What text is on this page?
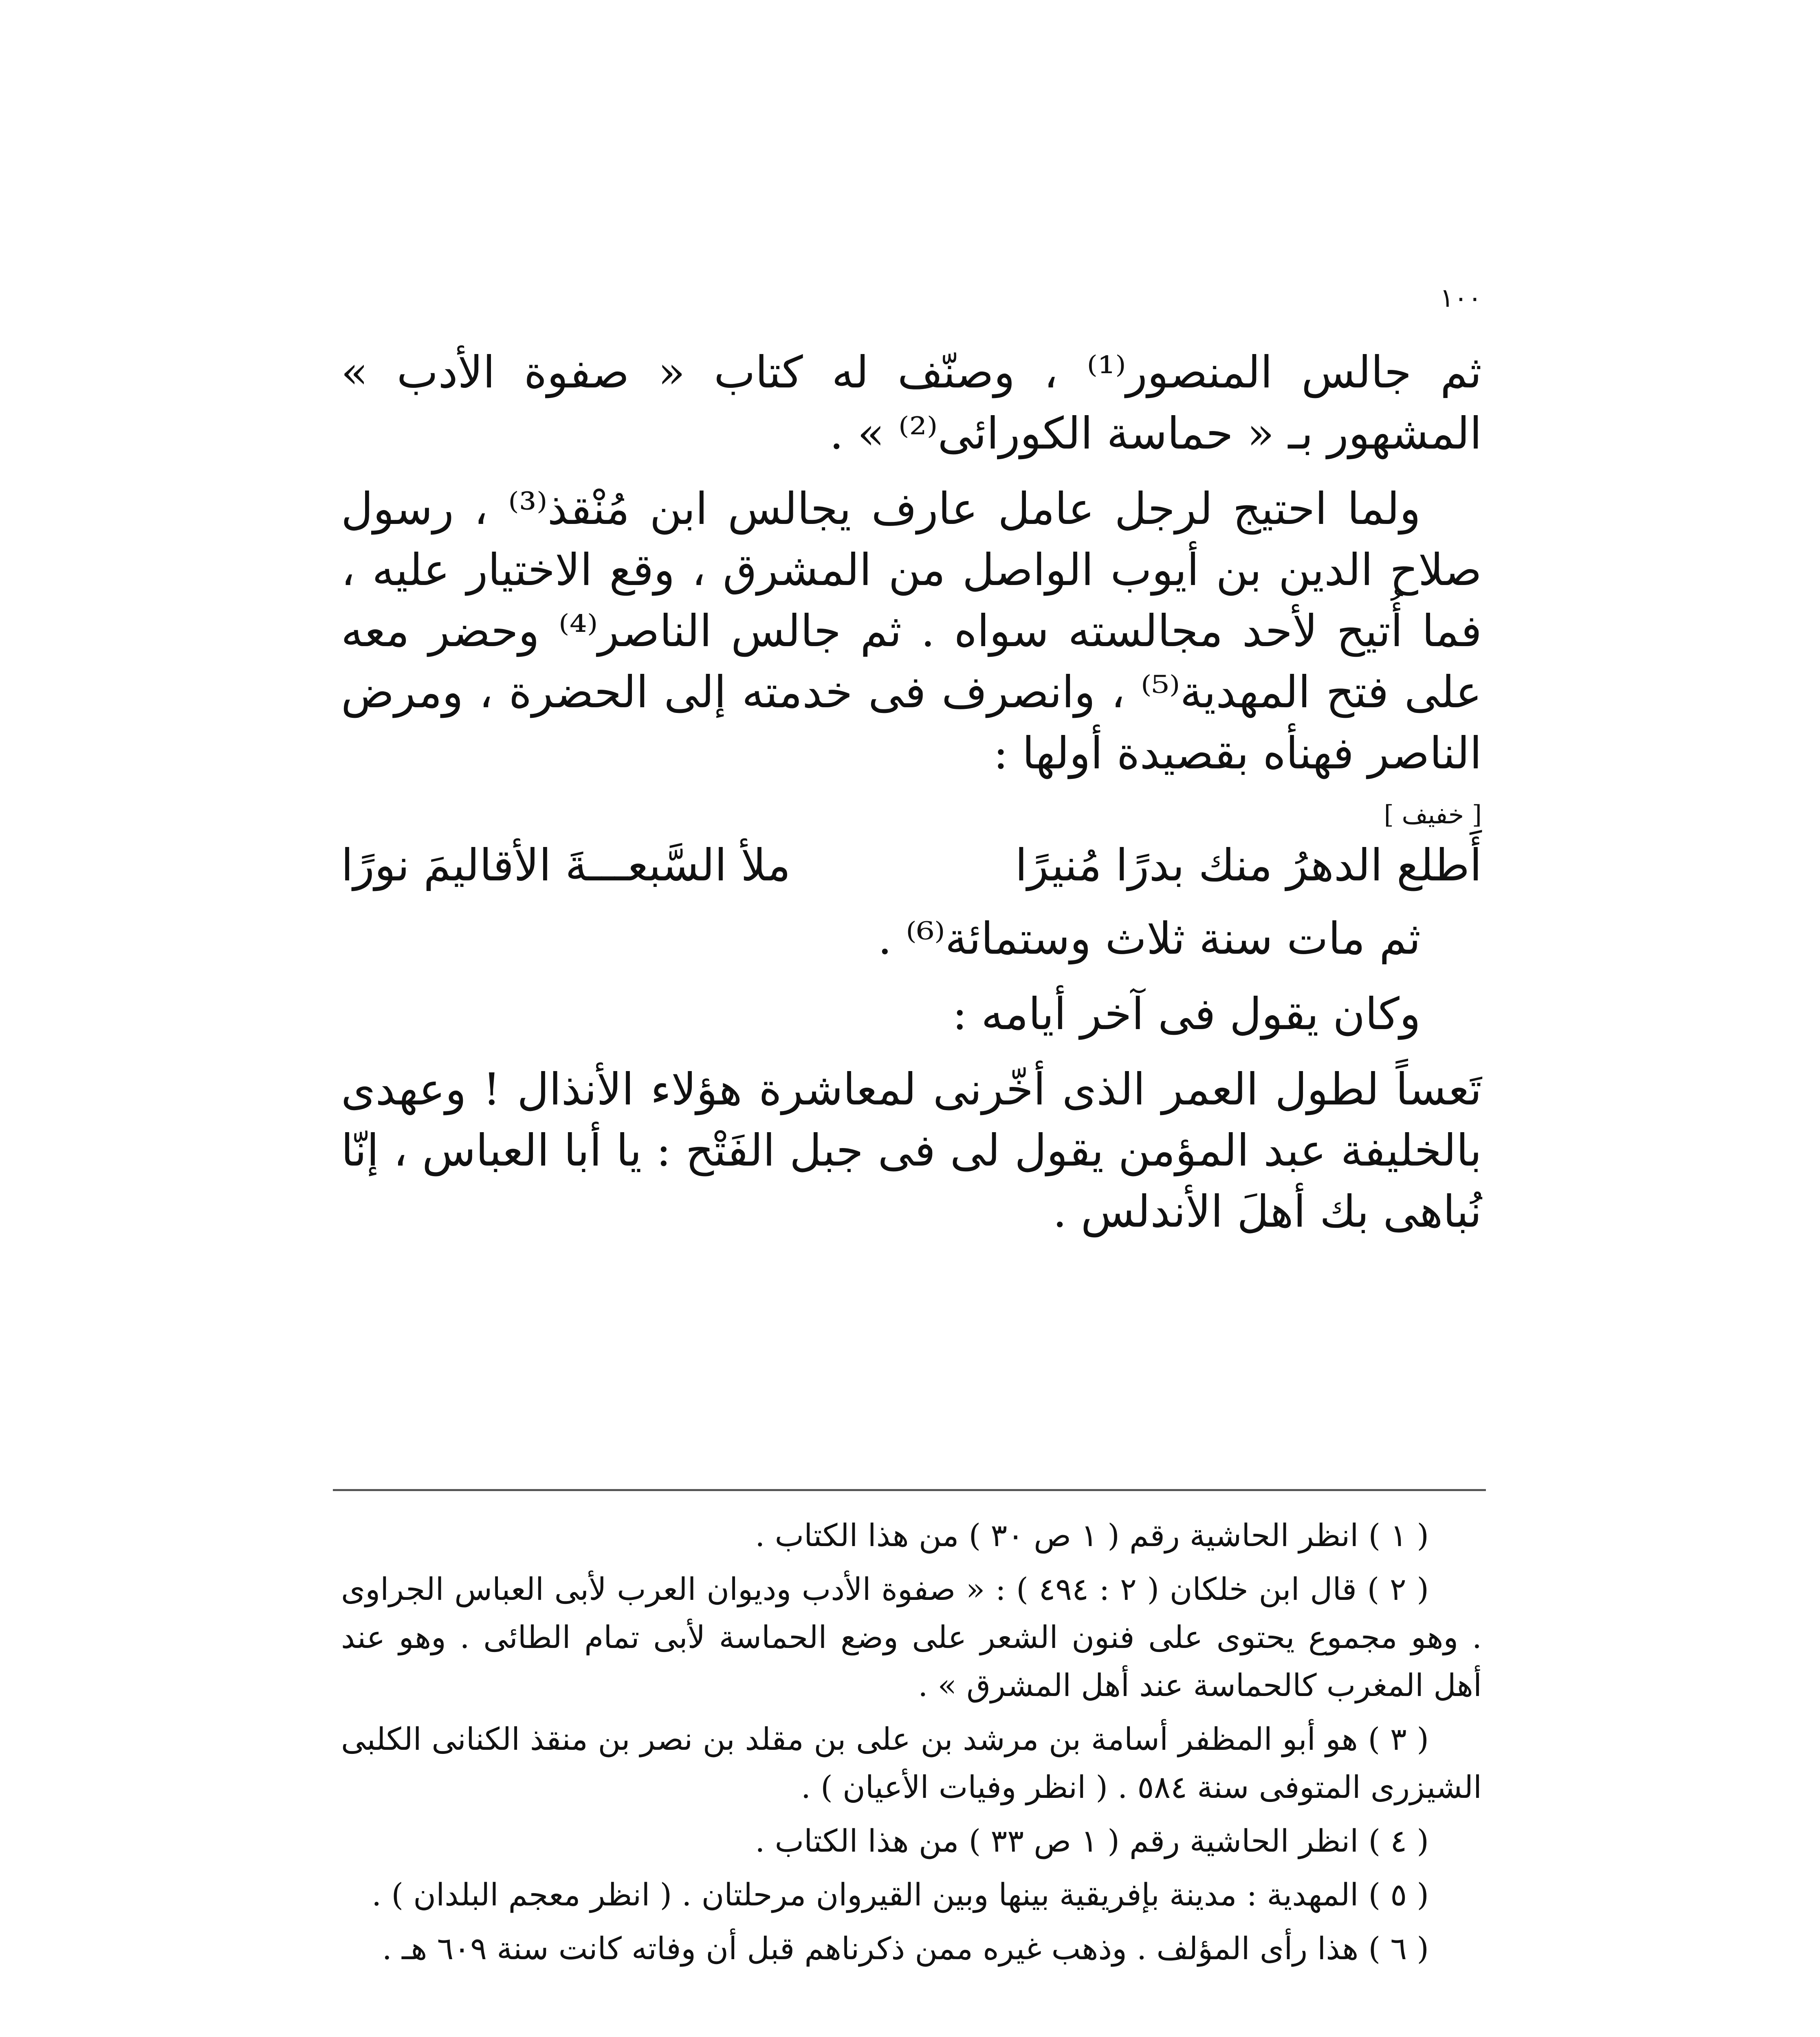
١٠٠

ثم جالس المنصور⁽¹⁾ ، وصنّف له كتاب « صفوة الأدب » المشهور بـ « حماسة الكورائى⁽²⁾ » .

ولما احتيج لرجل عامل عارف يجالس ابن مُنْقذ⁽³⁾ ، رسول صلاح الدين بن أيوب الواصل من المشرق ، وقع الاختيار عليه ، فما أُتيح لأحد مجالسته سواه . ثم جالس الناصر⁽⁴⁾ وحضر معه على فتح المهدية⁽⁵⁾ ، وانصرف فى خدمته إلى الحضرة ، ومرض الناصر فهنأه بقصيدة أولها :

[ خفيف ]
أَطلع الدهرُ منك بدرًا مُنيرًا
ملأ السَّبعـــةَ الأقاليمَ نورًا

ثم مات سنة ثلاث وستمائة⁽⁶⁾ .

وكان يقول فى آخر أيامه :

تَعساً لطول العمر الذى أخّرنى لمعاشرة هؤلاء الأنذال ! وعهدى بالخليفة عبد المؤمن يقول لى فى جبل الفَتْح : يا أبا العباس ، إنّا نُباهى بك أهلَ الأندلس .

( ١ ) انظر الحاشية رقم ( ١ ص ٣٠ ) من هذا الكتاب .

( ٢ ) قال ابن خلكان ( ٢ : ٤٩٤ ) : « صفوة الأدب وديوان العرب لأبى العباس الجراوى . وهو مجموع يحتوى على فنون الشعر على وضع الحماسة لأبى تمام الطائى . وهو عند أهل المغرب كالحماسة عند أهل المشرق » .

( ٣ ) هو أبو المظفر أسامة بن مرشد بن على بن مقلد بن نصر بن منقذ الكنانى الكلبى الشيزرى المتوفى سنة ٥٨٤ . ( انظر وفيات الأعيان ) .

( ٤ ) انظر الحاشية رقم ( ١ ص ٣٣ ) من هذا الكتاب .

( ٥ ) المهدية : مدينة بإفريقية بينها وبين القيروان مرحلتان . ( انظر معجم البلدان ) .

( ٦ ) هذا رأى المؤلف . وذهب غيره ممن ذكرناهم قبل أن وفاته كانت سنة ٦٠٩ هـ .
